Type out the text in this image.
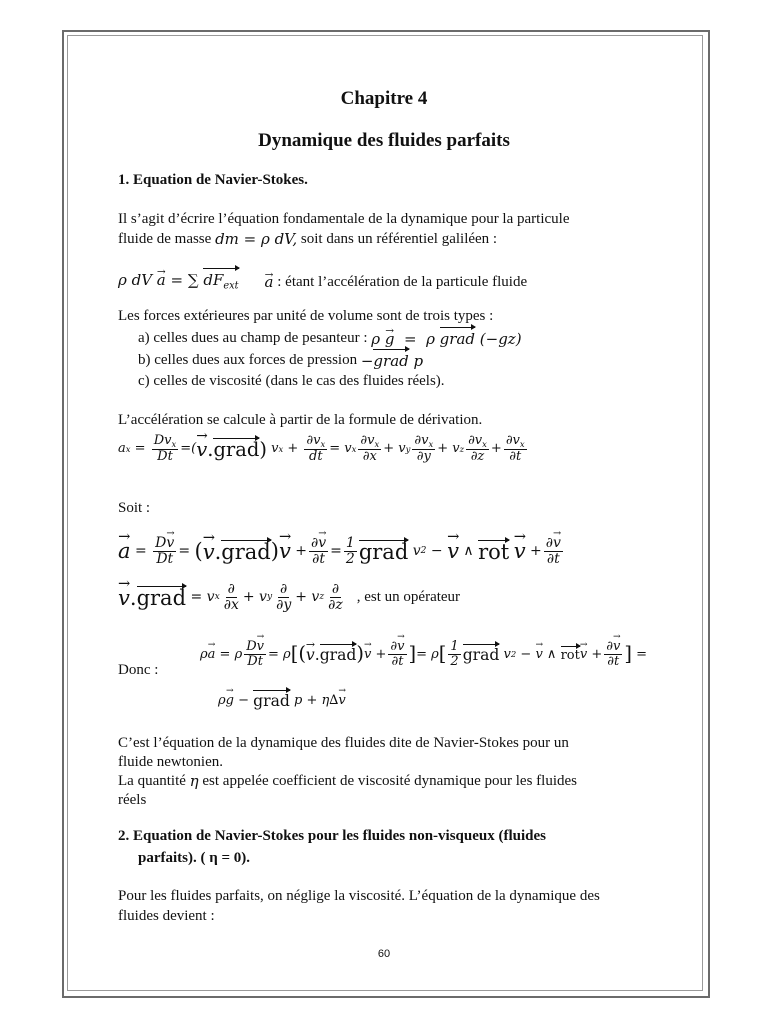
Chapitre 4
Dynamique des fluides parfaits
1. Equation de Navier-Stokes.
Il s’agit d’écrire l’équation fondamentale de la dynamique pour la particule
fluide de masse
dm = ρ dV,
soit dans un référentiel galiléen :
ρ dV a → = ∑ $dF_{ext}$ a →
: étant l’accélération de la particule fluide
Les forces extérieures par unité de volume sont de trois types :
a) celles dues au champ de pesanteur :
ρ g →  =  ρ grad (−gz)
b) celles dues aux forces de pression
−grad p
c) celles de viscosité (dans le cas des fluides réels).
L’accélération se calcule à partir de la formule de dérivation.
a $x = \frac{Dv_x}{Dt}$ =( v →.grad) v $x + \frac{\partial v_x}{dt} = v$ x $\frac{\partial v_x}{\partial x} + v$ y $\frac{\partial v_x}{\partial y} + v$ z $\frac{\partial v_x}{\partial z} + \frac{\partial v_x}{\partial t}$
Soit :
a → = $\frac{Dv \to}{Dt}$ = ( v →.grad ) v → + $\frac{\partial v \to}{\partial t} = \frac{1}{2}$ grad v 2 − v → ∧ rot
v → + $\frac{\partial v \to}{\partial t}$
v →.grad = v x $\frac{\partial}{\partial x} + v$ y $\frac{\partial}{\partial y} + v$ z $\frac{\partial}{\partial z}$ , est un opérateur
Donc :
ρ a → = ρ $\frac{Dv \to}{Dt} = \rho$ [ ( v →.grad ) v → + $\frac{\partial v \to}{\partial t}$ ] = ρ [ $\frac{1}{2}$ grad v 2 − v → ∧ rot v → + $\frac{\partial v \to}{\partial t}$ ] =
ρ g → − grad p + η∆ v →
C’est l’équation de la dynamique des fluides dite de Navier-Stokes pour un
fluide newtonien.
La quantité
η
est appelée coefficient de viscosité dynamique pour les fluides
réels
2. Equation de Navier-Stokes pour les fluides non-visqueux (fluides
parfaits). ( η = 0).
Pour les fluides parfaits, on néglige la viscosité. L’équation de la dynamique des
fluides devient :
60
